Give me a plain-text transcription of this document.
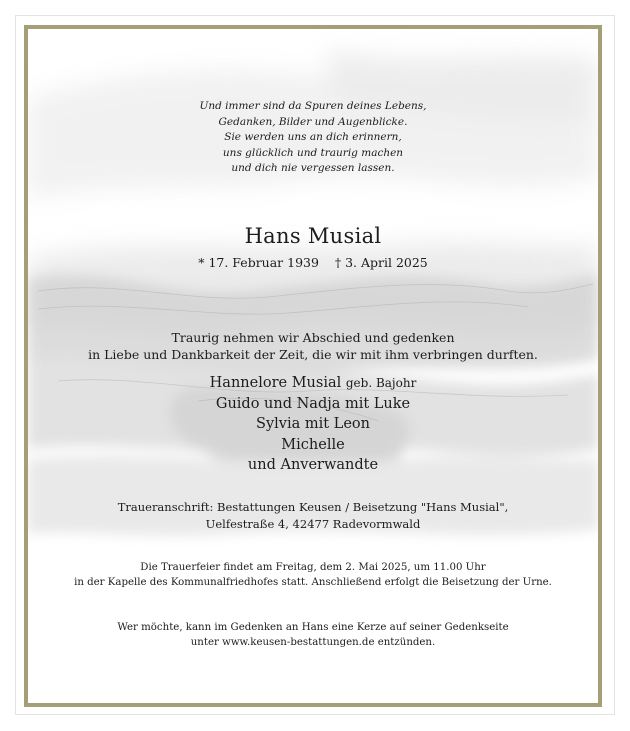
Und immer sind da Spuren deines Lebens,
Gedanken, Bilder und Augenblicke.
Sie werden uns an dich erinnern,
uns glücklich und traurig machen
und dich nie vergessen lassen.
Hans Musial
* 17. Februar 1939 † 3. April 2025
Traurig nehmen wir Abschied und gedenken
in Liebe und Dankbarkeit der Zeit, die wir mit ihm verbringen durften.
Hannelore Musial geb. Bajohr
Guido und Nadja mit Luke
Sylvia mit Leon
Michelle
und Anverwandte
Traueranschrift: Bestattungen Keusen / Beisetzung "Hans Musial",
Uelfestraße 4, 42477 Radevormwald
Die Trauerfeier findet am Freitag, dem 2. Mai 2025, um 11.00 Uhr
in der Kapelle des Kommunalfriedhofes statt. Anschließend erfolgt die Beisetzung der Urne.
Wer möchte, kann im Gedenken an Hans eine Kerze auf seiner Gedenkseite
unter www.keusen-bestattungen.de entzünden.
